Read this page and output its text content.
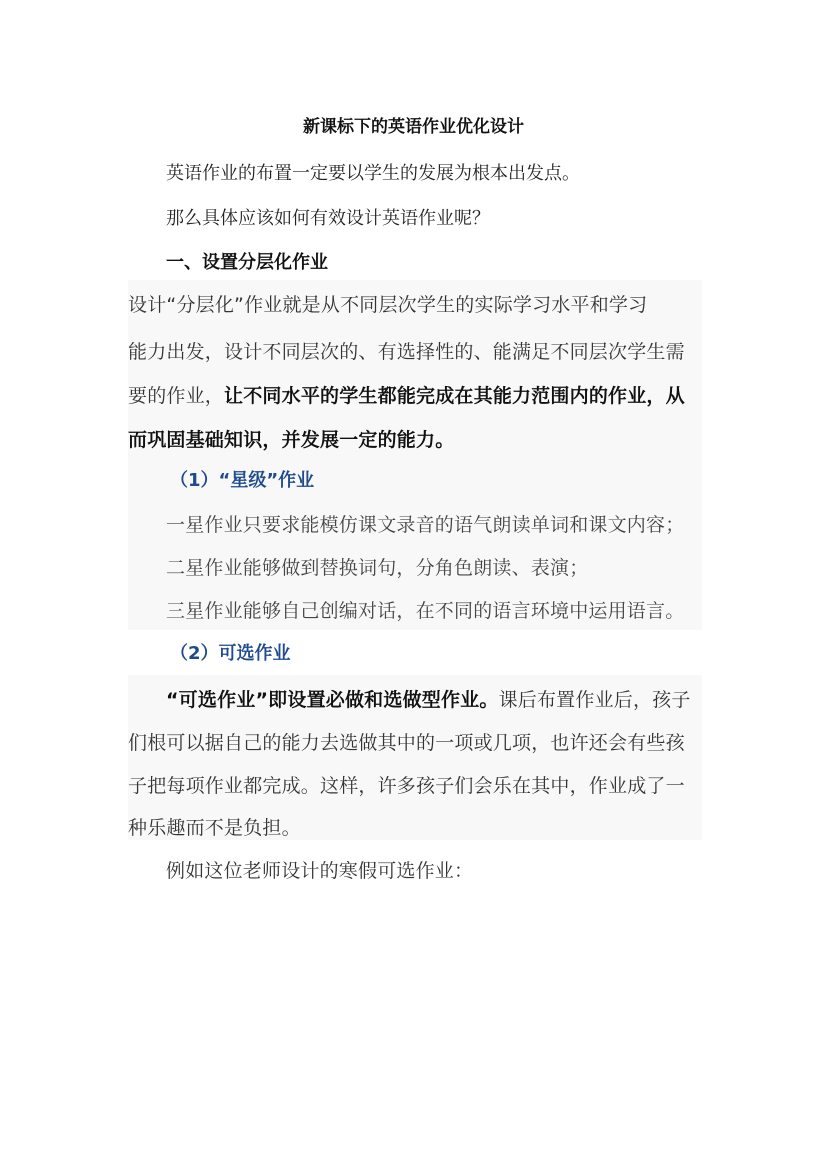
新课标下的英语作业优化设计
英语作业的布置一定要以学生的发展为根本出发点。
那么具体应该如何有效设计英语作业呢？
一、设置分层化作业
设计“分层化”作业就是从不同层次学生的实际学习水平和学习
能力出发，设计不同层次的、有选择性的、能满足不同层次学生需
要的作业，让不同水平的学生都能完成在其能力范围内的作业，从
而巩固基础知识，并发展一定的能力。
（1）“星级”作业
一星作业只要求能模仿课文录音的语气朗读单词和课文内容；
二星作业能够做到替换词句，分角色朗读、表演；
三星作业能够自己创编对话，在不同的语言环境中运用语言。
（2）可选作业
“可选作业”即设置必做和选做型作业。课后布置作业后，孩子
们根可以据自己的能力去选做其中的一项或几项，也许还会有些孩
子把每项作业都完成。这样，许多孩子们会乐在其中，作业成了一
种乐趣而不是负担。
例如这位老师设计的寒假可选作业：
